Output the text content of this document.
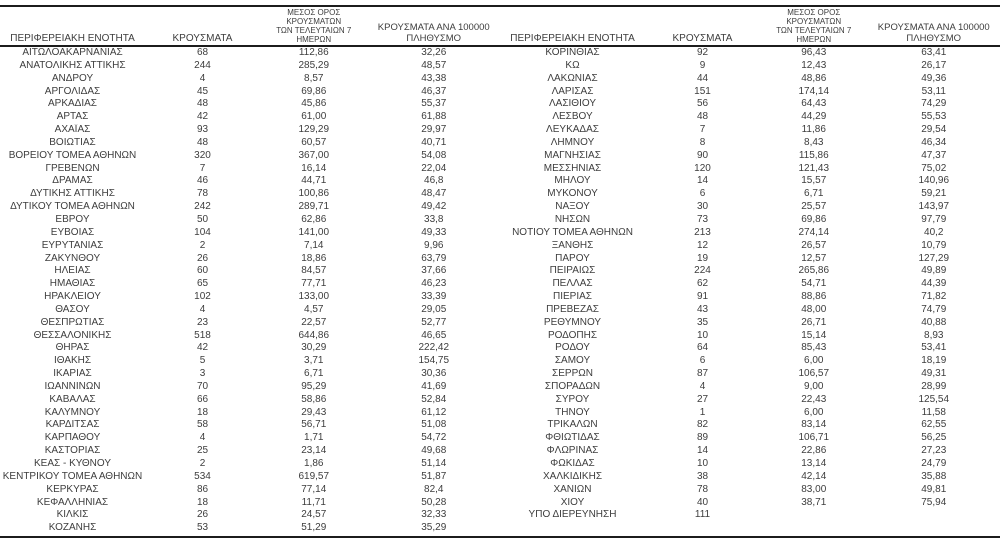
ΠΕΡΙΦΕΡΕΙΑΚΗ ΕΝΟΤΗΤΑ	ΚΡΟΥΣΜΑΤΑ
ΜΕΣΟΣ ΟΡΟΣ ΚΡΟΥΣΜΑΤΩΝ
ΤΩΝ ΤΕΛΕΥΤΑΙΩΝ 7 ΗΜΕΡΩΝ
ΚΡΟΥΣΜΑΤΑ ΑΝΑ 100000
ΠΛΗΘΥΣΜΟ
ΑΙΤΩΛΟΑΚΑΡΝΑΝΙΑΣ	68	112,86	32,26
ΑΝΑΤΟΛΙΚΗΣ ΑΤΤΙΚΗΣ	244	285,29	48,57
ΑΝΔΡΟΥ	4	8,57	43,38
ΑΡΓΟΛΙΔΑΣ	45	69,86	46,37
ΑΡΚΑΔΙΑΣ	48	45,86	55,37
ΑΡΤΑΣ	42	61,00	61,88
ΑΧΑΪΑΣ	93	129,29	29,97
ΒΟΙΩΤΙΑΣ	48	60,57	40,71
ΒΟΡΕΙΟΥ ΤΟΜΕΑ ΑΘΗΝΩΝ	320	367,00	54,08
ΓΡΕΒΕΝΩΝ	7	16,14	22,04
ΔΡΑΜΑΣ	46	44,71	46,8
ΔΥΤΙΚΗΣ ΑΤΤΙΚΗΣ	78	100,86	48,47
ΔΥΤΙΚΟΥ ΤΟΜΕΑ ΑΘΗΝΩΝ	242	289,71	49,42
ΕΒΡΟΥ	50	62,86	33,8
ΕΥΒΟΙΑΣ	104	141,00	49,33
ΕΥΡΥΤΑΝΙΑΣ	2	7,14	9,96
ΖΑΚΥΝΘΟΥ	26	18,86	63,79
ΗΛΕΙΑΣ	60	84,57	37,66
ΗΜΑΘΙΑΣ	65	77,71	46,23
ΗΡΑΚΛΕΙΟΥ	102	133,00	33,39
ΘΑΣΟΥ	4	4,57	29,05
ΘΕΣΠΡΩΤΙΑΣ	23	22,57	52,77
ΘΕΣΣΑΛΟΝΙΚΗΣ	518	644,86	46,65
ΘΗΡΑΣ	42	30,29	222,42
ΙΘΑΚΗΣ	5	3,71	154,75
ΙΚΑΡΙΑΣ	3	6,71	30,36
ΙΩΑΝΝΙΝΩΝ	70	95,29	41,69
ΚΑΒΑΛΑΣ	66	58,86	52,84
ΚΑΛΥΜΝΟΥ	18	29,43	61,12
ΚΑΡΔΙΤΣΑΣ	58	56,71	51,08
ΚΑΡΠΑΘΟΥ	4	1,71	54,72
ΚΑΣΤΟΡΙΑΣ	25	23,14	49,68
ΚΕΑΣ - ΚΥΘΝΟΥ	2	1,86	51,14
ΚΕΝΤΡΙΚΟΥ ΤΟΜΕΑ ΑΘΗΝΩΝ	534	619,57	51,87
ΚΕΡΚΥΡΑΣ	86	77,14	82,4
ΚΕΦΑΛΛΗΝΙΑΣ	18	11,71	50,28
ΚΙΛΚΙΣ	26	24,57	32,33
ΚΟΖΑΝΗΣ	53	51,29	35,29
ΠΕΡΙΦΕΡΕΙΑΚΗ ΕΝΟΤΗΤΑ	ΚΡΟΥΣΜΑΤΑ
ΜΕΣΟΣ ΟΡΟΣ ΚΡΟΥΣΜΑΤΩΝ
ΤΩΝ ΤΕΛΕΥΤΑΙΩΝ 7 ΗΜΕΡΩΝ
ΚΡΟΥΣΜΑΤΑ ΑΝΑ 100000
ΠΛΗΘΥΣΜΟ
ΚΟΡΙΝΘΙΑΣ	92	96,43	63,41
ΚΩ	9	12,43	26,17
ΛΑΚΩΝΙΑΣ	44	48,86	49,36
ΛΑΡΙΣΑΣ	151	174,14	53,11
ΛΑΣΙΘΙΟΥ	56	64,43	74,29
ΛΕΣΒΟΥ	48	44,29	55,53
ΛΕΥΚΑΔΑΣ	7	11,86	29,54
ΛΗΜΝΟΥ	8	8,43	46,34
ΜΑΓΝΗΣΙΑΣ	90	115,86	47,37
ΜΕΣΣΗΝΙΑΣ	120	121,43	75,02
ΜΗΛΟΥ	14	15,57	140,96
ΜΥΚΟΝΟΥ	6	6,71	59,21
ΝΑΞΟΥ	30	25,57	143,97
ΝΗΣΩΝ	73	69,86	97,79
ΝΟΤΙΟΥ ΤΟΜΕΑ ΑΘΗΝΩΝ	213	274,14	40,2
ΞΑΝΘΗΣ	12	26,57	10,79
ΠΑΡΟΥ	19	12,57	127,29
ΠΕΙΡΑΙΩΣ	224	265,86	49,89
ΠΕΛΛΑΣ	62	54,71	44,39
ΠΙΕΡΙΑΣ	91	88,86	71,82
ΠΡΕΒΕΖΑΣ	43	48,00	74,79
ΡΕΘΥΜΝΟΥ	35	26,71	40,88
ΡΟΔΟΠΗΣ	10	15,14	8,93
ΡΟΔΟΥ	64	85,43	53,41
ΣΑΜΟΥ	6	6,00	18,19
ΣΕΡΡΩΝ	87	106,57	49,31
ΣΠΟΡΑΔΩΝ	4	9,00	28,99
ΣΥΡΟΥ	27	22,43	125,54
ΤΗΝΟΥ	1	6,00	11,58
ΤΡΙΚΑΛΩΝ	82	83,14	62,55
ΦΘΙΩΤΙΔΑΣ	89	106,71	56,25
ΦΛΩΡΙΝΑΣ	14	22,86	27,23
ΦΩΚΙΔΑΣ	10	13,14	24,79
ΧΑΛΚΙΔΙΚΗΣ	38	42,14	35,88
ΧΑΝΙΩΝ	78	83,00	49,81
ΧΙΟΥ	40	38,71	75,94
ΥΠΟ ΔΙΕΡΕΥΝΗΣΗ	111
